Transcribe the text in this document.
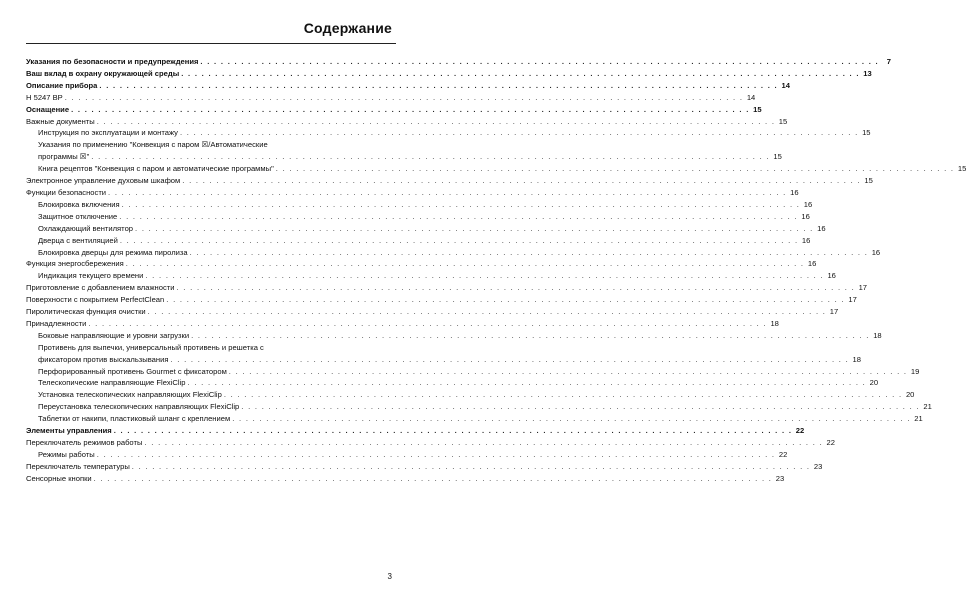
Содержание
Указания по безопасности и предупреждения . . .	7
Ваш вклад в охрану окружающей среды . . .	13
Описание прибора . . .	14
H 5247 BP . . .	14
Оснащение . . .	15
Важные документы . . .	15
Инструкция по эксплуатации и монтажу . . .	15
Указания по применению "Конвекция с паром ☒/Автоматические
программы ☒" . . .	15
Книга рецептов "Конвекция с паром и автоматические программы" . . .	15
Электронное управление духовым шкафом . . .	15
Функции безопасности . . .	16
Блокировка включения . . .	16
Защитное отключение . . .	16
Охлаждающий вентилятор . . .	16
Дверца с вентиляцией . . .	16
Блокировка дверцы для режима пиролиза . . .	16
Функция энергосбережения . . .	16
Индикация текущего времени . . .	16
Приготовление с добавлением влажности . . .	17
Поверхности с покрытием PerfectClean . . .	17
Пиролитическая функция очистки . . .	17
Принадлежности . . .	18
Боковые направляющие и уровни загрузки . . .	18
Противень для выпечки, универсальный противень и решетка с
фиксатором против выскальзывания . . .	18
Перфорированный противень Gourmet с фиксатором . . .	19
Телескопические направляющие FlexiClip . . .	20
Установка телескопических направляющих FlexiClip . . .	20
Переустановка телескопических направляющих FlexiClip . . .	21
Таблетки от накипи, пластиковый шланг с креплением . . .	21
Элементы управления . . .	22
Переключатель режимов работы . . .	22
Режимы работы . . .	22
Переключатель температуры . . .	23
Сенсорные кнопки . . .	23
3
